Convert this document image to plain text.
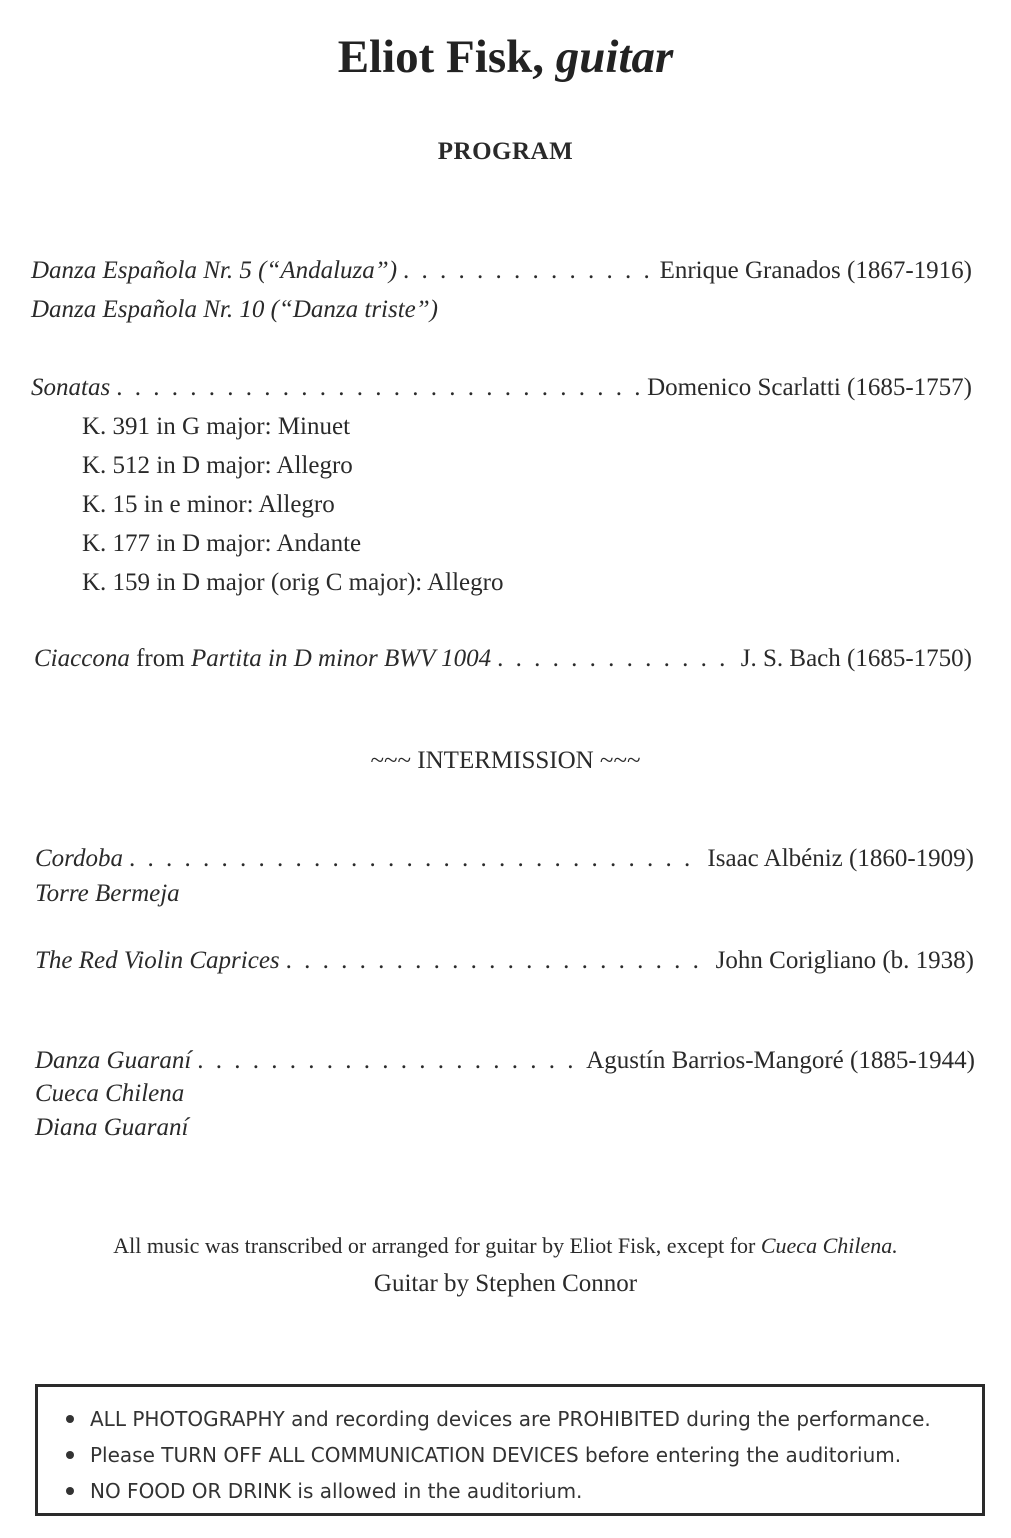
Eliot Fisk, guitar
PROGRAM
Danza Española Nr. 5 (“Andaluza”) . . .	Enrique Granados (1867-1916)
Danza Española Nr. 10 (“Danza triste”)
Sonatas . . .	Domenico Scarlatti (1685-1757)
K. 391 in G major: Minuet
K. 512 in D major: Allegro
K. 15 in e minor: Allegro
K. 177 in D major: Andante
K. 159 in D major (orig C major): Allegro
Ciaccona from Partita in D minor BWV 1004 . . .	J. S. Bach (1685-1750)
~~~ INTERMISSION ~~~
Cordoba . . .	Isaac Albéniz (1860-1909)
Torre Bermeja
The Red Violin Caprices . . .	John Corigliano (b. 1938)
Danza Guaraní . . .	Agustín Barrios-Mangoré (1885-1944)
Cueca Chilena
Diana Guaraní
All music was transcribed or arranged for guitar by Eliot Fisk, except for Cueca Chilena.
Guitar by Stephen Connor
ALL PHOTOGRAPHY and recording devices are PROHIBITED during the performance.
Please TURN OFF ALL COMMUNICATION DEVICES before entering the auditorium.
NO FOOD OR DRINK is allowed in the auditorium.
